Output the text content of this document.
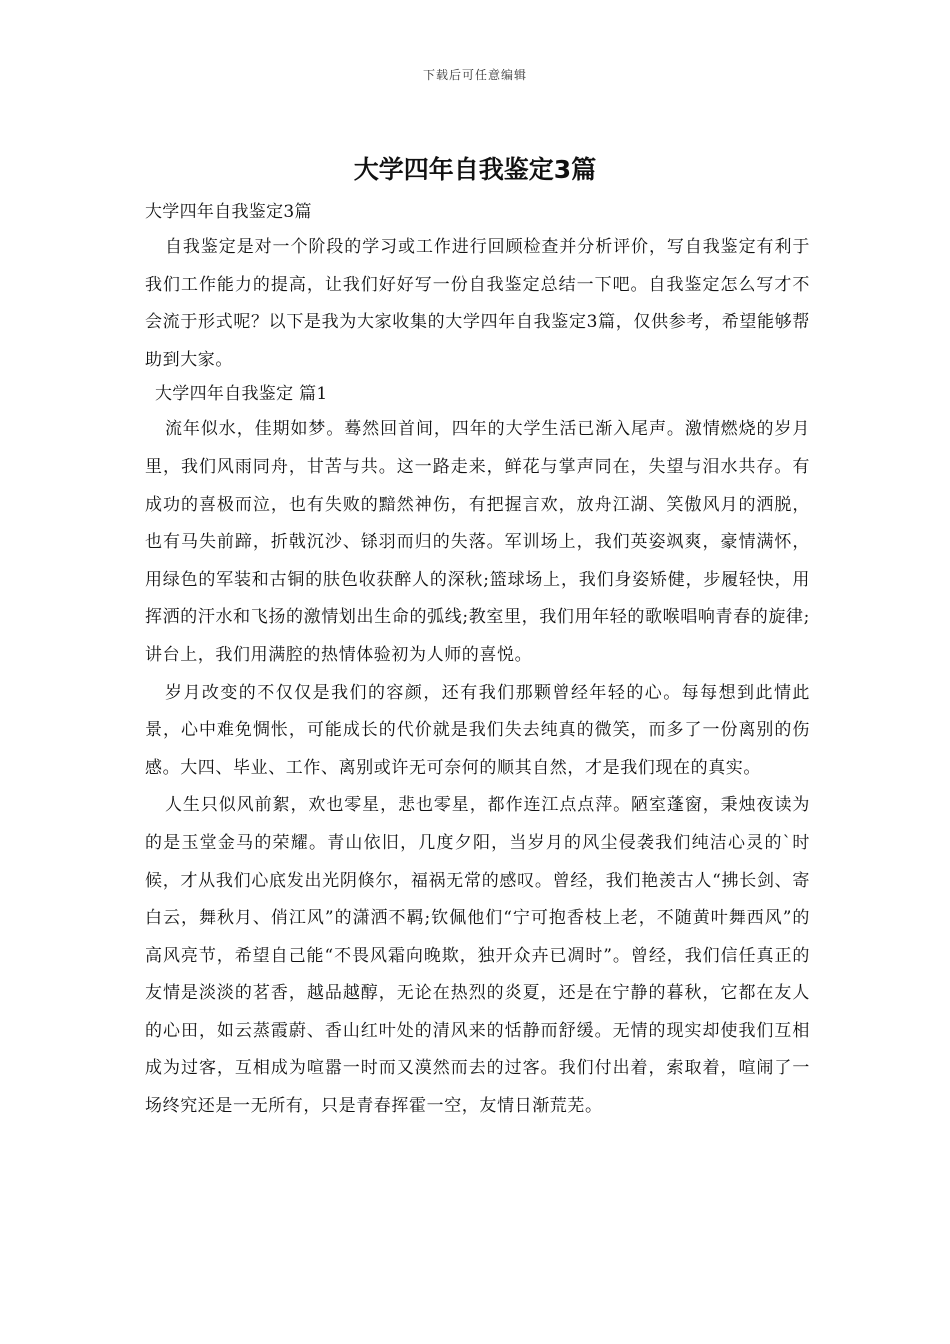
下载后可任意编辑
大学四年自我鉴定3篇

大学四年自我鉴定3篇

自我鉴定是对一个阶段的学习或工作进行回顾检查并分析评价，写自我鉴定有利于我们工作能力的提高，让我们好好写一份自我鉴定总结一下吧。自我鉴定怎么写才不会流于形式呢？以下是我为大家收集的大学四年自我鉴定3篇，仅供参考，希望能够帮助到大家。

大学四年自我鉴定 篇1

流年似水，佳期如梦。蓦然回首间，四年的大学生活已渐入尾声。激情燃烧的岁月里，我们风雨同舟，甘苦与共。这一路走来，鲜花与掌声同在，失望与泪水共存。有成功的喜极而泣，也有失败的黯然神伤，有把握言欢，放舟江湖、笑傲风月的洒脱，也有马失前蹄，折戟沉沙、铩羽而归的失落。军训场上，我们英姿飒爽，豪情满怀，用绿色的军装和古铜的肤色收获醉人的深秋;篮球场上，我们身姿矫健，步履轻快，用挥洒的汗水和飞扬的激情划出生命的弧线;教室里，我们用年轻的歌喉唱响青春的旋律;讲台上，我们用满腔的热情体验初为人师的喜悦。

岁月改变的不仅仅是我们的容颜，还有我们那颗曾经年轻的心。每每想到此情此景，心中难免惆怅，可能成长的代价就是我们失去纯真的微笑，而多了一份离别的伤感。大四、毕业、工作、离别或许无可奈何的顺其自然，才是我们现在的真实。

人生只似风前絮，欢也零星，悲也零星，都作连江点点萍。陋室蓬窗，秉烛夜读为的是玉堂金马的荣耀。青山依旧，几度夕阳，当岁月的风尘侵袭我们纯洁心灵的`时候，才从我们心底发出光阴倏尔，福祸无常的感叹。曾经，我们艳羡古人“拂长剑、寄白云，舞秋月、俏江风”的潇洒不羁;钦佩他们“宁可抱香枝上老，不随黄叶舞西风”的高风亮节，希望自己能“不畏风霜向晚欺，独开众卉已凋时”。曾经，我们信任真正的友情是淡淡的茗香，越品越醇，无论在热烈的炎夏，还是在宁静的暮秋，它都在友人的心田，如云蒸霞蔚、香山红叶处的清风来的恬静而舒缓。无情的现实却使我们互相成为过客，互相成为喧嚣一时而又漠然而去的过客。我们付出着，索取着，喧闹了一场终究还是一无所有，只是青春挥霍一空，友情日渐荒芜。
